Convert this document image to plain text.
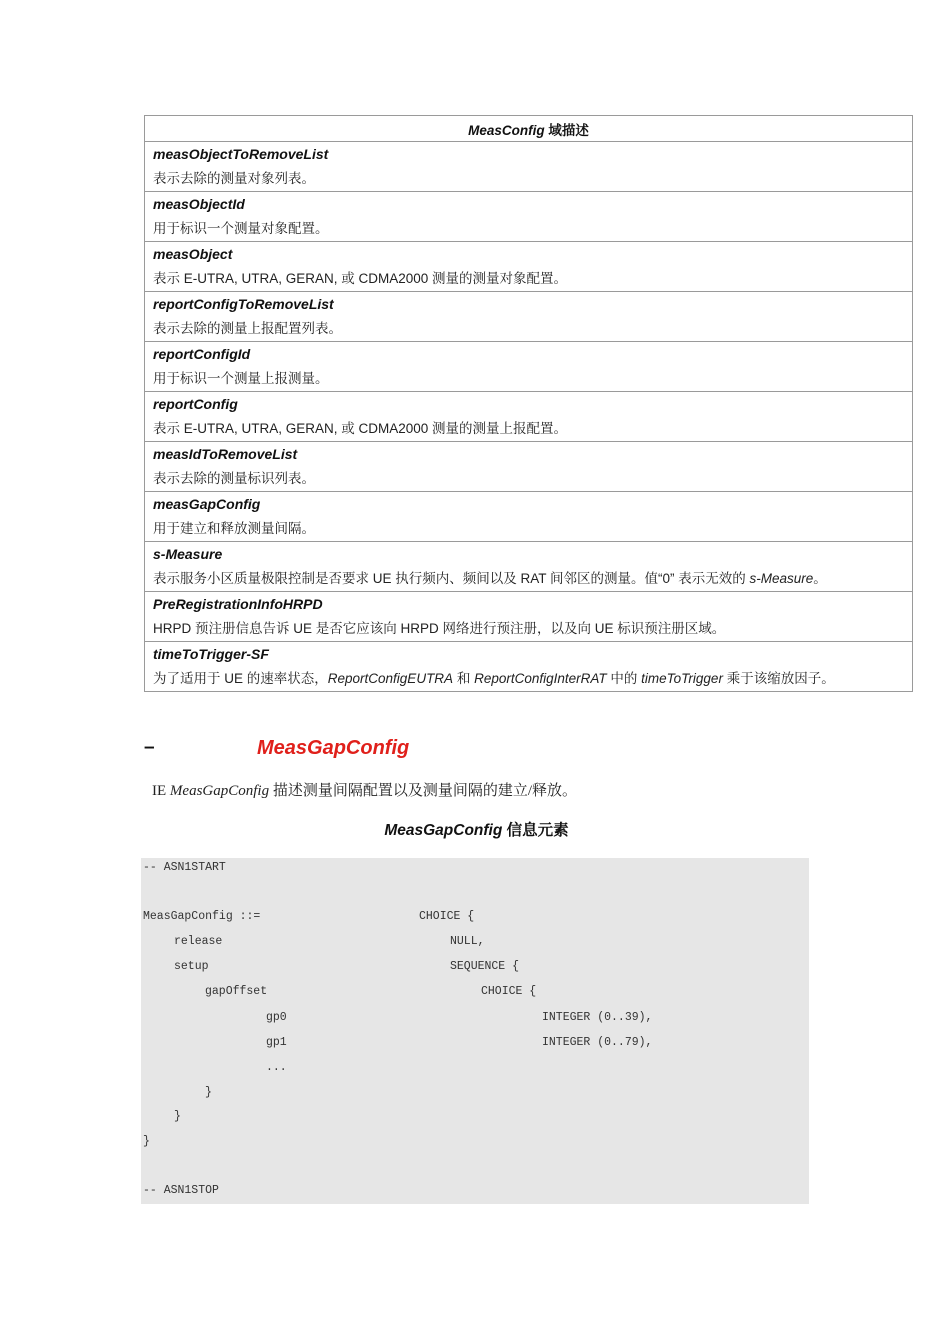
MeasConfig 域描述

measObjectToRemoveList
表示去除的测量对象列表。

measObjectId
用于标识一个测量对象配置。

measObject
表示 E-UTRA, UTRA, GERAN, 或 CDMA2000 测量的测量对象配置。

reportConfigToRemoveList
表示去除的测量上报配置列表。

reportConfigId
用于标识一个测量上报测量。

reportConfig
表示 E-UTRA, UTRA, GERAN, 或 CDMA2000 测量的测量上报配置。

measIdToRemoveList
表示去除的测量标识列表。

measGapConfig
用于建立和释放测量间隔。

s-Measure
表示服务小区质量极限控制是否要求 UE 执行频内、频间以及 RAT 间邻区的测量。值“0” 表示无效的 s-Measure。

PreRegistrationInfoHRPD
HRPD 预注册信息告诉 UE 是否它应该向 HRPD 网络进行预注册，以及向 UE 标识预注册区域。

timeToTrigger-SF
为了适用于 UE 的速率状态，ReportConfigEUTRA 和 ReportConfigInterRAT 中的 timeToTrigger 乘于该缩放因子。
–	MeasGapConfig
IE MeasGapConfig 描述测量间隔配置以及测量间隔的建立/释放。
MeasGapConfig 信息元素
-- ASN1START
MeasGapConfig ::=	CHOICE {
release	NULL,
setup	SEQUENCE {
gapOffset	CHOICE {
gp0	INTEGER (0..39),
gp1	INTEGER (0..79),
...
}
}
}
-- ASN1STOP
